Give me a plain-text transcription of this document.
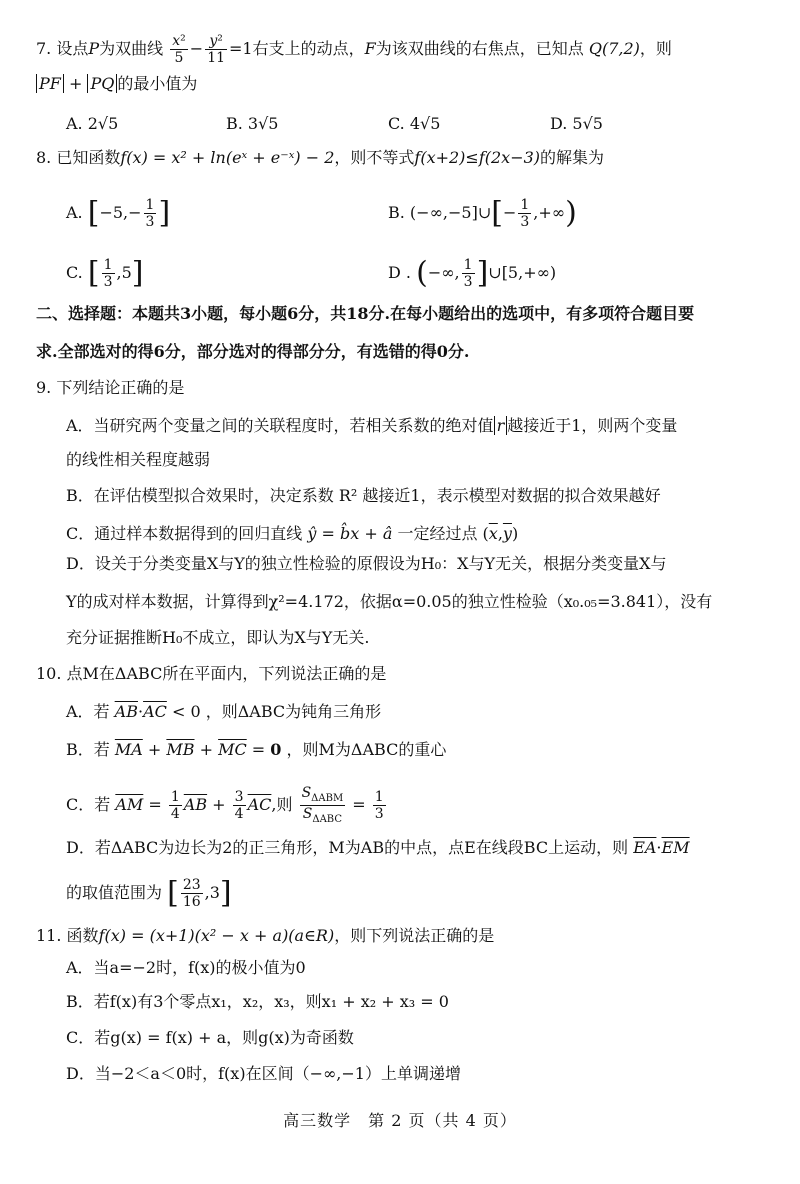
7. 设点P为双曲线 $\frac{\text{x²}}{5} - \frac{\text{y²}}{11} =1$右支上的动点，F为该双曲线的右焦点，已知点 Q(7,2)，则
PF + PQ 的最小值为
A. 2√5	B. 3√5	C. 4√5	D. 5√5
8. 已知函数f(x) = x² + ln(eˣ + e⁻ˣ) − 2，则不等式f(x+2)≤f(2x−3)的解集为
A. [$-5,- \frac{1}{3}$ ]	B. (−∞,−5]∪[− $\frac{1}{3}$ ,+∞)
C. [ $\frac{1}{3} ,5$]	D . (−∞, $\frac{1}{3}$ ]∪[5,+∞)
二、选择题：本题共3小题，每小题6分，共18分.在每小题给出的选项中，有多项符合题目要
求.全部选对的得6分，部分选对的得部分分，有选错的得0分.
9. 下列结论正确的是
A．当研究两个变量之间的关联程度时，若相关系数的绝对值 r 越接近于1，则两个变量
的线性相关程度越弱
B．在评估模型拟合效果时，决定系数 R² 越接近1，表示模型对数据的拟合效果越好
C．通过样本数据得到的回归直线 ŷ = b̂x + â 一定经过点 $(\overline{x},\overline{y})$
D．设关于分类变量X与Y的独立性检验的原假设为H₀：X与Y无关，根据分类变量X与
Y的成对样本数据，计算得到χ²=4.172，依据α=0.05的独立性检验（x₀.₀₅=3.841），没有
充分证据推断H₀不成立，即认为X与Y无关.
10. 点M在ΔABC所在平面内，下列说法正确的是
A．若 $\overline{AB}\cdot\overline{AC} < 0$ ，则ΔABC为钝角三角形
B．若 $\overline{MA} + \overline{MB} + \overline{MC} = 0$ ，则M为ΔABC的重心
C．若 $\overline{AM} = \frac{1}{4} \overline{AB} + \frac{3}{4} \overline{AC}$,则 $\frac{S_{\Delta ABM}}{S_{\Delta ABC}} = \frac{1}{3}$
D．若ΔABC为边长为2的正三角形，M为AB的中点，点E在线段BC上运动，则 $\overline{EA}\cdot\overline{EM}$
的取值范围为 [ $\frac{23}{16} ,3$]
11. 函数f(x) = (x+1)(x² − x + a)(a∈R)，则下列说法正确的是
A．当a=−2时，f(x)的极小值为0
B．若f(x)有3个零点x₁，x₂，x₃，则x₁ + x₂ + x₃ = 0
C．若g(x) = f(x) + a，则g(x)为奇函数
D．当−2＜a＜0时，f(x)在区间（−∞,−1）上单调递增
高三数学　第 2 页（共 4 页）
